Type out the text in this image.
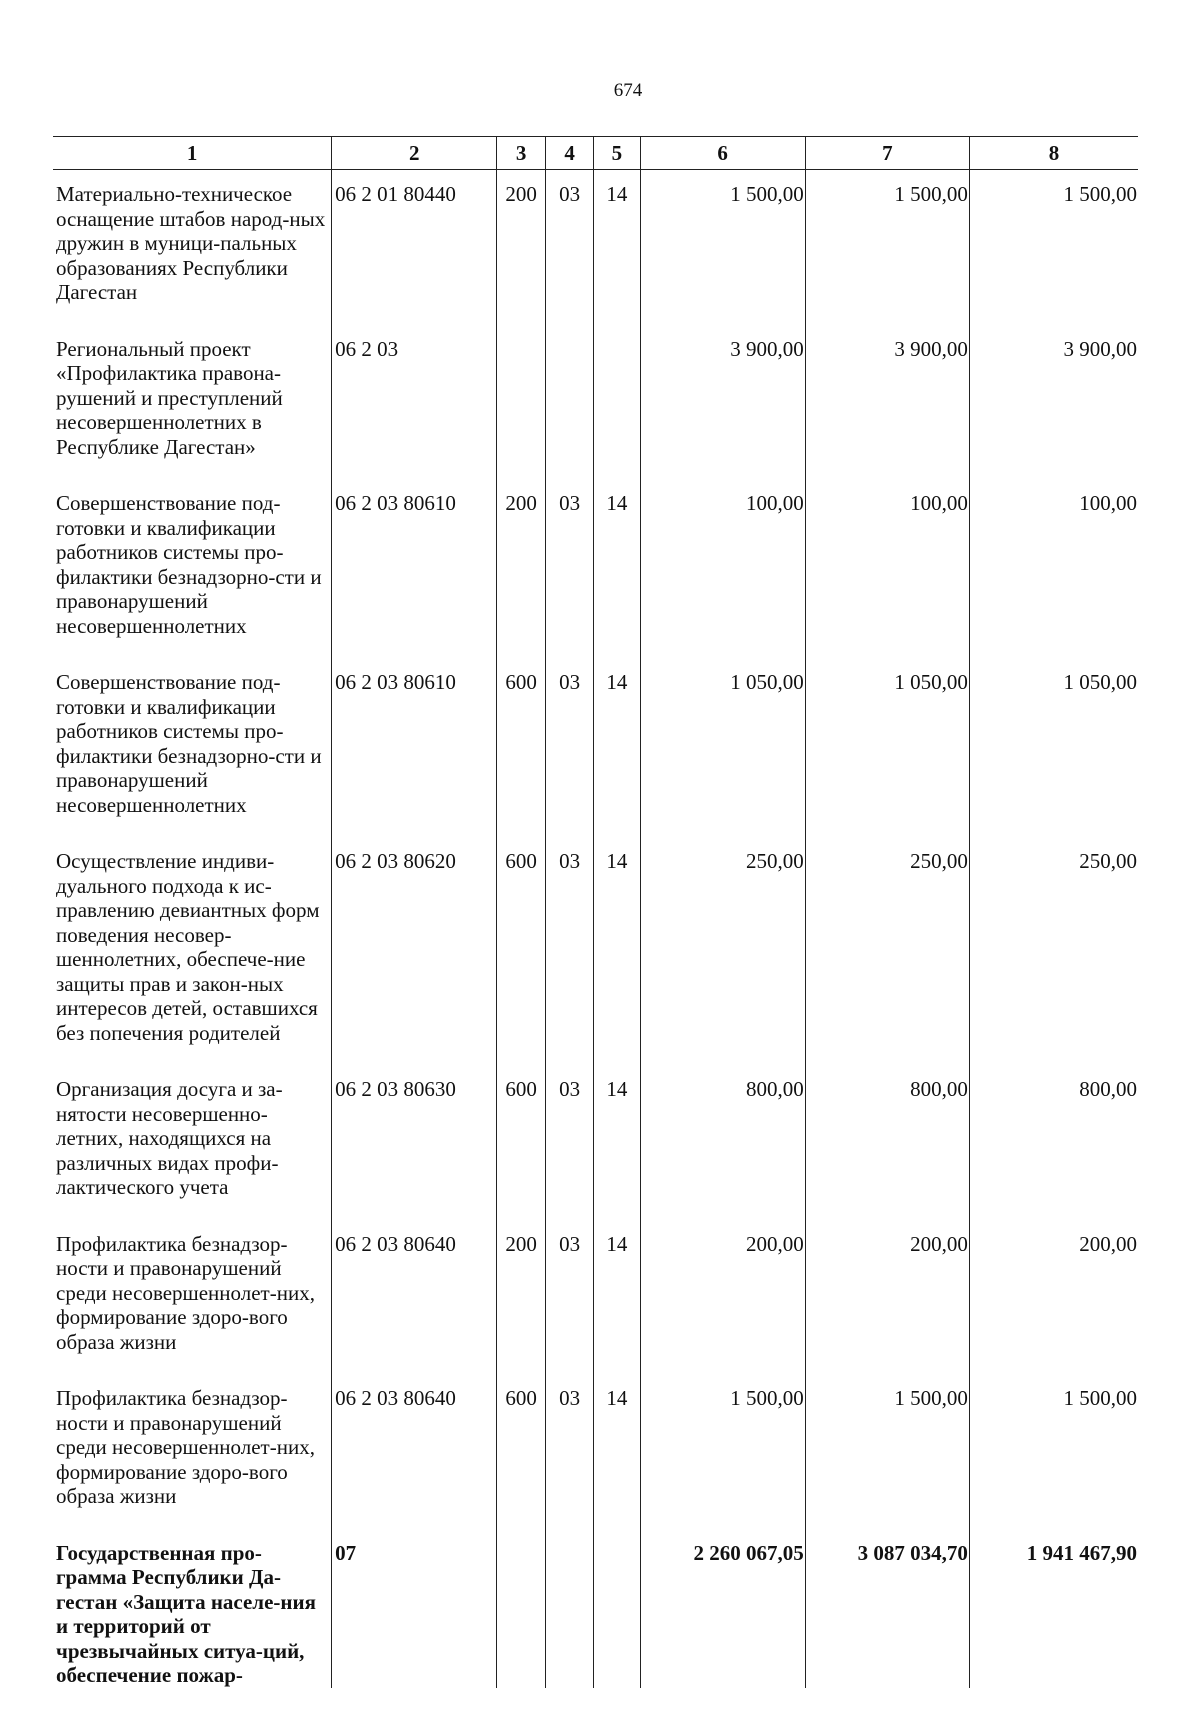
674
1	2	3	4	5	6	7	8
Материально-техническое оснащение штабов народ-ных дружин в муници-пальных образованиях Республики Дагестан	06 2 01 80440	200	03	14	1 500,00	1 500,00	1 500,00
Региональный проект «Профилактика правона-рушений и преступлений несовершеннолетних в Республике Дагестан»	06 2 03				3 900,00	3 900,00	3 900,00
Совершенствование под-готовки и квалификации работников системы про-филактики безнадзорно-сти и правонарушений несовершеннолетних	06 2 03 80610	200	03	14	100,00	100,00	100,00
Совершенствование под-готовки и квалификации работников системы про-филактики безнадзорно-сти и правонарушений несовершеннолетних	06 2 03 80610	600	03	14	1 050,00	1 050,00	1 050,00
Осуществление индиви-дуального подхода к ис-правлению девиантных форм поведения несовер-шеннолетних, обеспече-ние защиты прав и закон-ных интересов детей, оставшихся без попечения родителей	06 2 03 80620	600	03	14	250,00	250,00	250,00
Организация досуга и за-нятости несовершенно-летних, находящихся на различных видах профи-лактического учета	06 2 03 80630	600	03	14	800,00	800,00	800,00
Профилактика безнадзор-ности и правонарушений среди несовершеннолет-них, формирование здоро-вого образа жизни	06 2 03 80640	200	03	14	200,00	200,00	200,00
Профилактика безнадзор-ности и правонарушений среди несовершеннолет-них, формирование здоро-вого образа жизни	06 2 03 80640	600	03	14	1 500,00	1 500,00	1 500,00
Государственная про-грамма Республики Да-гестан «Защита населе-ния и территорий от чрезвычайных ситуа-ций, обеспечение пожар-	07				2 260 067,05	3 087 034,70	1 941 467,90
